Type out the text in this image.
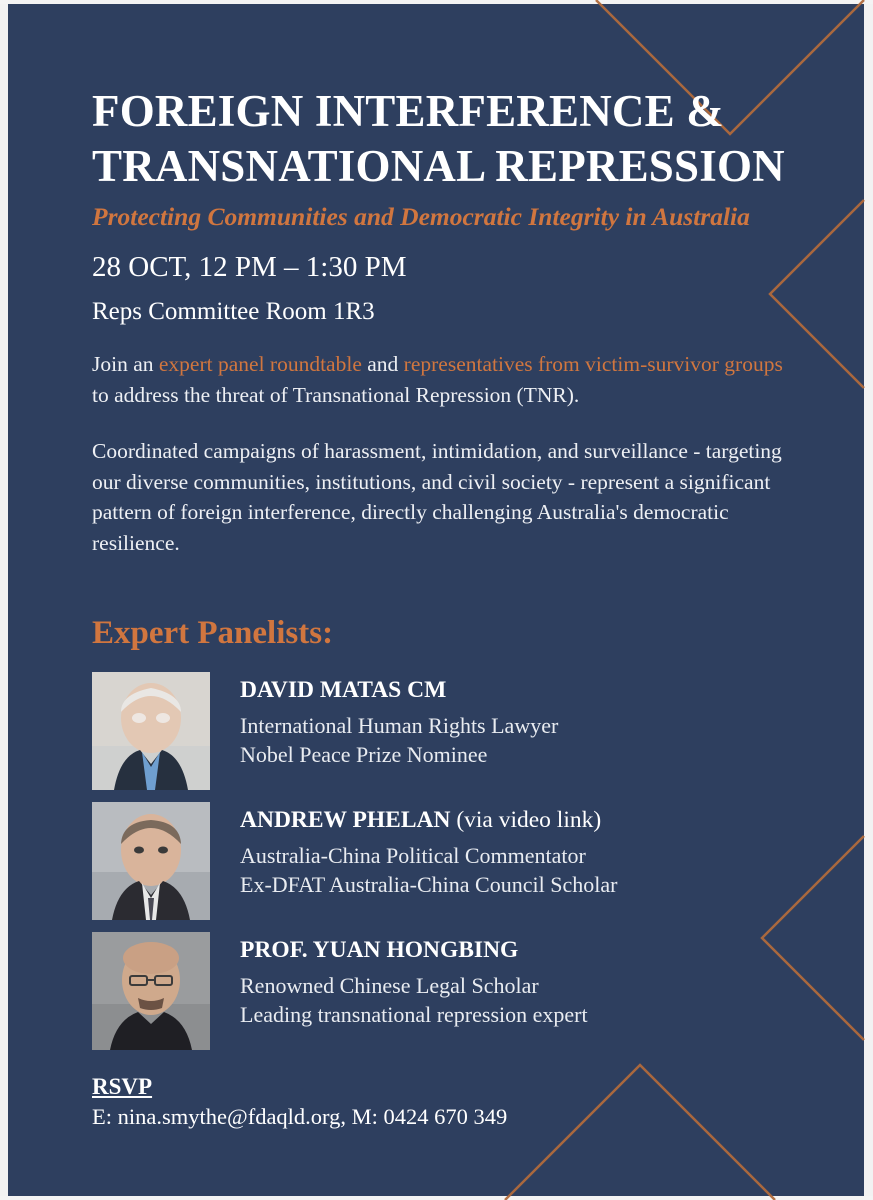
FOREIGN INTERFERENCE & TRANSNATIONAL REPRESSION

Protecting Communities and Democratic Integrity in Australia

28 OCT, 12 PM – 1:30 PM

Reps Committee Room 1R3

Join an expert panel roundtable and representatives from victim-survivor groups to address the threat of Transnational Repression (TNR).

Coordinated campaigns of harassment, intimidation, and surveillance - targeting our diverse communities, institutions, and civil society - represent a significant pattern of foreign interference, directly challenging Australia's democratic resilience.

Expert Panelists:

DAVID MATAS CM

International Human Rights Lawyer
Nobel Peace Prize Nominee

ANDREW PHELAN (via video link)

Australia-China Political Commentator
Ex-DFAT Australia-China Council Scholar

PROF. YUAN HONGBING

Renowned Chinese Legal Scholar
Leading transnational repression expert

RSVP

E: nina.smythe@fdaqld.org, M: 0424 670 349
